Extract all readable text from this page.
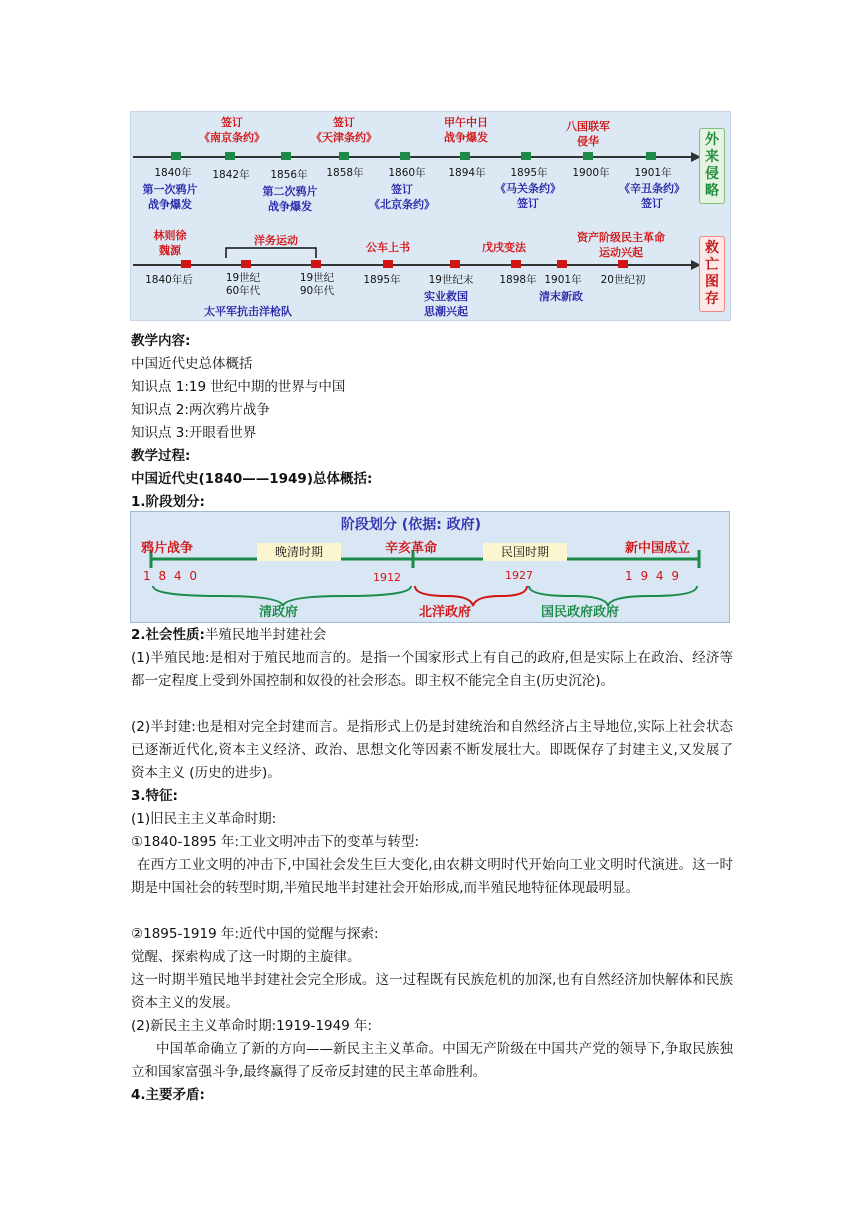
签订
《南京条约》
签订
《天津条约》
甲午中日
战争爆发
八国联军
侵华
1840年	1842年	1856年	1858年	1860年	1894年	1895年	1900年	1901年
第一次鸦片
战争爆发
第二次鸦片
战争爆发
签订
《北京条约》
《马关条约》
签订
《辛丑条约》
签订
外来侵略
救亡图存
林则徐
魏源
洋务运动
公车上书	戊戌变法
资产阶级民主革命
运动兴起
1840年后	19世纪
60年代
19世纪
90年代
1895年	19世纪末	1898年 1901年	20世纪初
太平军抗击洋枪队
实业救国
思潮兴起
清末新政
教学内容:
中国近代史总体概括
知识点 1:19 世纪中期的世界与中国
知识点 2:两次鸦片战争
知识点 3:开眼看世界
教学过程:
中国近代史(1840——1949)总体概括:
1.阶段划分:
阶段划分 (依据: 政府)
鸦片战争	辛亥革命	新中国成立
晚清时期	民国时期
1 8 4 0	1912	1927	1 9 4 9
清政府	北洋政府	国民政府政府
2.社会性质:半殖民地半封建社会
(1)半殖民地:是相对于殖民地而言的。是指一个国家形式上有自己的政府,但是实际上在政治、经济等都一定程度上受到外国控制和奴役的社会形态。即主权不能完全自主(历史沉沦)。
(2)半封建:也是相对完全封建而言。是指形式上仍是封建统治和自然经济占主导地位,实际上社会状态已逐渐近代化,资本主义经济、政治、思想文化等因素不断发展壮大。即既保存了封建主义,又发展了资本主义 (历史的进步)。
3.特征:
(1)旧民主主义革命时期:
①1840-1895 年:工业文明冲击下的变革与转型:
在西方工业文明的冲击下,中国社会发生巨大变化,由农耕文明时代开始向工业文明时代演进。这一时期是中国社会的转型时期,半殖民地半封建社会开始形成,而半殖民地特征体现最明显。
②1895-1919 年:近代中国的觉醒与探索:
觉醒、探索构成了这一时期的主旋律。
这一时期半殖民地半封建社会完全形成。这一过程既有民族危机的加深,也有自然经济加快解体和民族资本主义的发展。
(2)新民主主义革命时期:1919-1949 年:
中国革命确立了新的方向——新民主主义革命。中国无产阶级在中国共产党的领导下,争取民族独立和国家富强斗争,最终赢得了反帝反封建的民主革命胜利。
4.主要矛盾:
